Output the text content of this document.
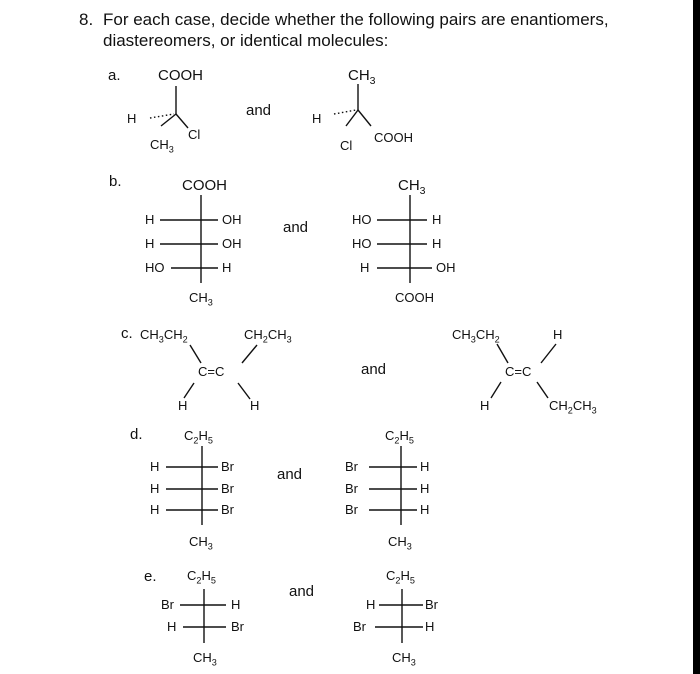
8. For each case, decide whether the following pairs are enantiomers,
diastereomers, or identical molecules:
a. COOH
H
$CH_3$
Cl
and
$CH_3$
H
Cl
COOH
b.	COOH
H	OH
H	OH
HO	H
$CH_3$
and
$CH_3$
HO	H
HO	H
H	OH
COOH
c. $CH_3CH_2$	$CH_2CH_3$
C=C
H	H
and
$CH_3CH_2$	H
C=C
H	$CH_2CH_3$
d.	$C_2H_5$
H	Br
H	Br
H	Br
$CH_3$
and
$C_2H_5$
Br	H
Br	H
Br	H
$CH_3$
e. $C_2H_5$
Br	H
H	Br
$CH_3$
and
$C_2H_5$
H	Br
Br	H
$CH_3$
